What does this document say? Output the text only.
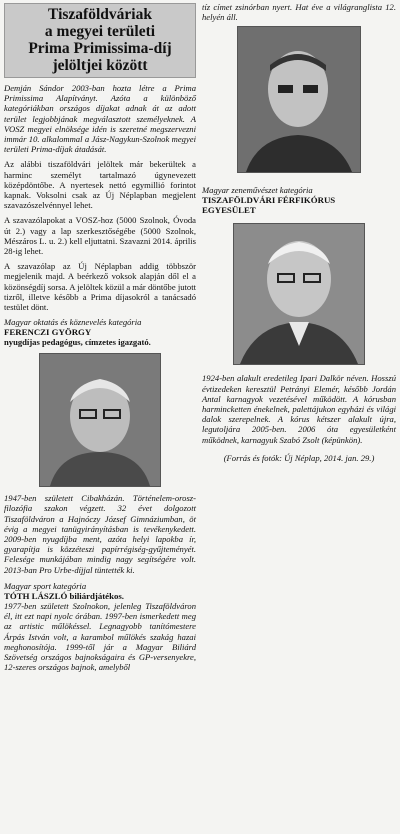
Tiszaföldváriak
a megyei területi
Prima Primissima-díj
jelöltjei között

Demján Sándor 2003-ban hozta létre a Prima Primissima Alapítványt. Azóta a különböző kategóriákban országos díjakat adnak át az adott terület legjobbjának megválasztott személyeknek. A VOSZ megyei elnöksége idén is szeretné megszervezni immár 10. alkalommal a Jász-Nagykun-Szolnok megyei területi Prima-díjak átadását.

Az alábbi tiszaföldvári jelöltek már bekerültek a harminc személyt tartalmazó úgynevezett középdöntőbe. A nyertesek nettó egymillió forintot kapnak. Voksolni csak az Új Néplapban megjelent szavazószelvénnyel lehet.

A szavazólapokat a VOSZ-hoz (5000 Szolnok, Óvoda út 2.) vagy a lap szerkesztőségébe (5000 Szolnok, Mészáros L. u. 2.) kell eljuttatni. Szavazni 2014. április 28-ig lehet.

A szavazólap az Új Néplapban addig többször megjelenik majd. A beérkező voksok alapján dől el a közönségdíj sorsa. A jelöltek közül a már döntőbe jutott tizről, illetve később a Prima díjasokról a tanácsadó testület dönt.

Magyar oktatás és köznevelés kategória
FERENCZI GYÖRGY
nyugdíjas pedagógus, címzetes igazgató.
1947-ben született Cibakházán. Történelem-orosz-filozófia szakon végzett. 32 évet dolgozott Tiszaföldváron a Hajnóczy József Gimnáziumban, öt évig a megyei tanügyirányításban is tevékenykedett. 2009-ben nyugdíjba ment, azóta helyi lapokba ír, gyarapítja is közzéteszi papírrégiség-gyűjteményét. Felesége munkájában mindig nagy segítségére volt. 2013-ban Pro Urbe-díjjal tüntették ki.
Magyar sport kategória
TÓTH LÁSZLÓ biliárdjátékos.
1977-ben született Szolnokon, jelenleg Tiszaföldváron él, itt ezt napi nyolc órában. 1997-ben ismerkedett meg az artistic műlökéssel. Legnagyobb tanítómestere Árpás István volt, a karambol műlökés szakág hazai meghonosítója. 1999-től jár a Magyar Biliárd Szövetség országos bajnokságaira és GP-versenyekre, 12-szeres országos bajnok, amelyből
tíz címet zsinórban nyert. Hat éve a világranglista 12. helyén áll.
Magyar zeneművészet kategória
TISZAFÖLDVÁRI FÉRFIKÓRUS
EGYESÜLET
1924-ben alakult eredetileg Ipari Dalkör néven. Hosszú évtizedeken keresztül Petrányi Elemér, később Jordán Antal karnagyok vezetésével működött. A kórusban harmincketten énekelnek, palettájukon egyházi és világi dalok szerepelnek. A kórus kétszer alakult újra, legutoljára 2005-ben. 2006 óta egyesületként működnek, karnagyuk Szabó Zsolt (képünkön).
(Forrás és fotók: Új Néplap, 2014. jan. 29.)
